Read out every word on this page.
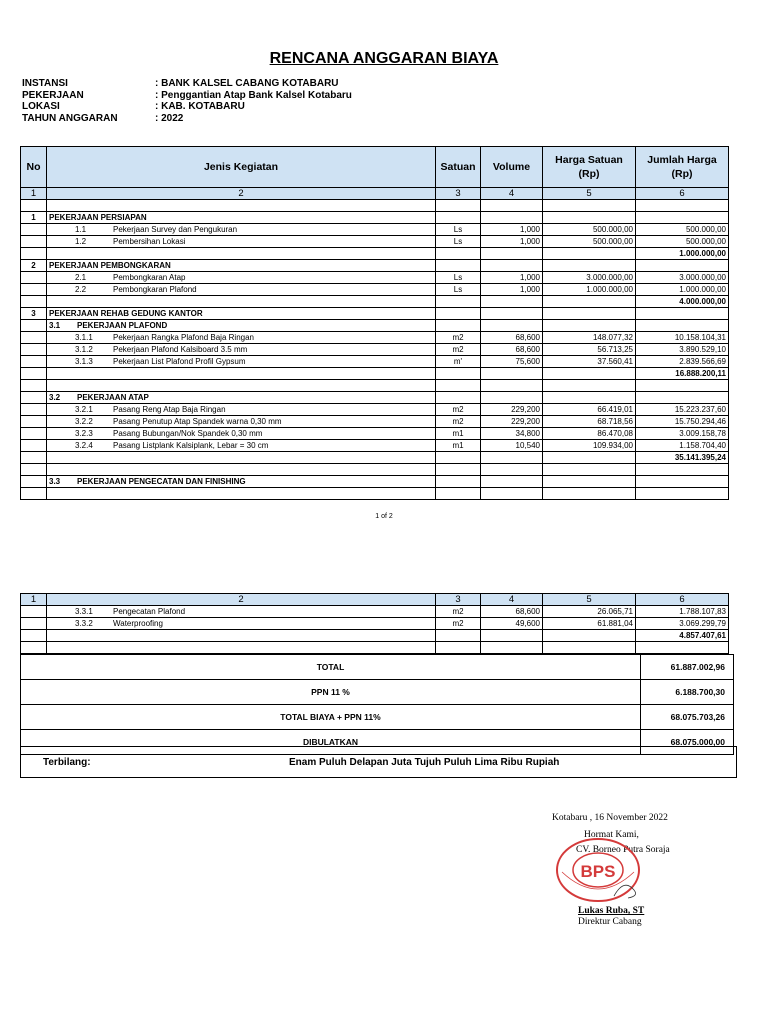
RENCANA ANGGARAN BIAYA
INSTANSI	: BANK KALSEL CABANG KOTABARU
PEKERJAAN	: Penggantian Atap Bank Kalsel Kotabaru
LOKASI	: KAB. KOTABARU
TAHUN ANGGARAN	: 2022
No	Jenis Kegiatan	Satuan	Volume	Harga Satuan (Rp)	Jumlah Harga (Rp)
1	2	3	4	5	6

1	PEKERJAAN PERSIAPAN				
	1.1 Pekerjaan Survey dan Pengukuran	Ls	1,000	500.000,00	500.000,00
	1.2 Pembersihan Lokasi	Ls	1,000	500.000,00	500.000,00
					1.000.000,00
2	PEKERJAAN PEMBONGKARAN				
	2.1 Pembongkaran Atap	Ls	1,000	3.000.000,00	3.000.000,00
	2.2 Pembongkaran Plafond	Ls	1,000	1.000.000,00	1.000.000,00
					4.000.000,00
3	PEKERJAAN REHAB GEDUNG KANTOR				
	3.1 PEKERJAAN PLAFOND				
	3.1.1 Pekerjaan Rangka Plafond Baja Ringan	m2	68,600	148.077,32	10.158.104,31
	3.1.2 Pekerjaan Plafond Kalsiboard 3.5 mm	m2	68,600	56.713,25	3.890.529,10
	3.1.3 Pekerjaan List Plafond Profil Gypsum	m'	75,600	37.560,41	2.839.566,69
					16.888.200,11

	3.2 PEKERJAAN ATAP				
	3.2.1 Pasang Reng Atap Baja Ringan	m2	229,200	66.419,01	15.223.237,60
	3.2.2 Pasang Penutup Atap Spandek warna 0,30 mm	m2	229,200	68.718,56	15.750.294,46
	3.2.3 Pasang Bubungan/Nok Spandek 0,30 mm	m1	34,800	86.470,08	3.009.158,78
	3.2.4 Pasang Listplank Kalsiplank, Lebar = 30 cm	m1	10,540	109.934,00	1.158.704,40
					35.141.395,24

	3.3 PEKERJAAN PENGECATAN DAN FINISHING				

1 of 2
1	2	3	4	5	6
	3.3.1 Pengecatan Plafond	m2	68,600	26.065,71	1.788.107,83
	3.3.2 Waterproofing	m2	49,600	61.881,04	3.069.299,79
					4.857.407,61

TOTAL	61.887.002,96
PPN 11 %	6.188.700,30
TOTAL BIAYA + PPN 11%	68.075.703,26
DIBULATKAN	68.075.000,00
Terbilang:	Enam Puluh Delapan Juta Tujuh Puluh Lima Ribu Rupiah
Kotabaru , 16 November 2022
Hormat Kami,
CV. Borneo Putra Soraja
BPS
Lukas Ruba, ST
Direktur Cabang
